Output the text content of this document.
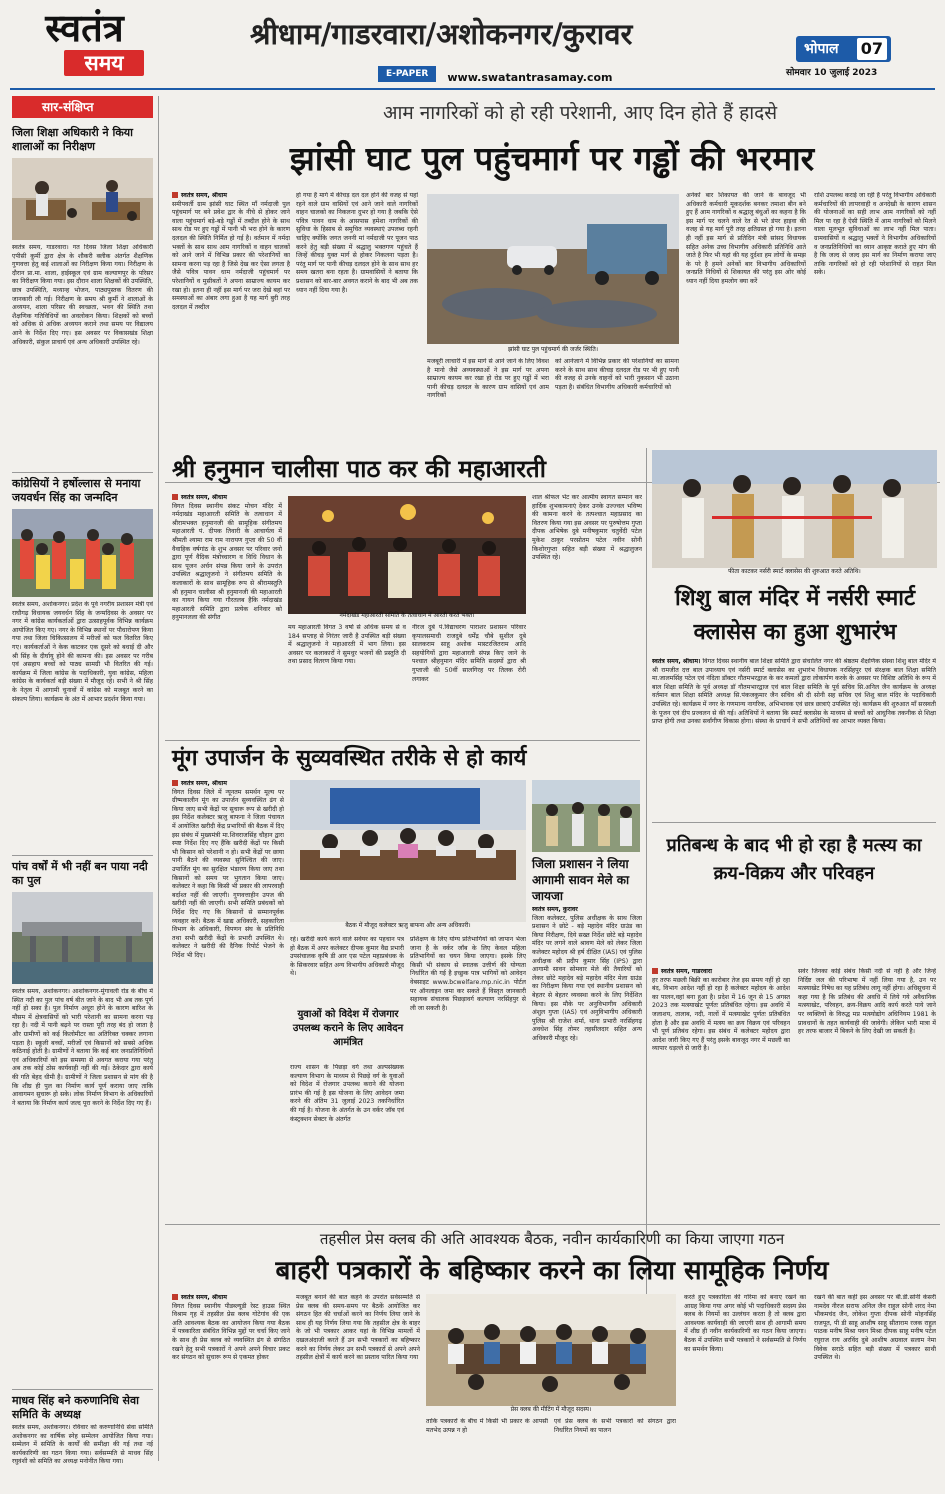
स्वतंत्र
समय
श्रीधाम/गाडरवारा/अशोकनगर/कुरावर
E-PAPER www.swatantrasamay.com
भोपाल 07
सोमवार 10 जुलाई 2023
सार-संक्षिप्त
जिला शिक्षा अधिकारी ने किया शालाओं का निरीक्षण
स्वतंत्र समय, गाडरवारा। गत दिवस जिला शिक्षा अधिकारी एपीसी कुर्मी द्वारा क्षेत्र के शौकरी क्लीक अंतर्गत शैक्षणिक गुणवत्ता हेतु कई शालाओं का निरीक्षण किया गया। निरीक्षण के दौरान प्रा.मा. शाला, हाईस्कूल एवं ग्राम कल्याणपुर के परिसर का निरीक्षण किया गया। इस दौरान शाला शिक्षकों की उपस्थिति, छात्र उपस्थिति, मध्यान्ह भोजन, पाठ्यपुस्तक वितरण की जानकारी ली गई। निरीक्षण के समय श्री कुर्मी ने शालाओं के अध्ययन, शाला परिसर की स्वच्छता, भवन की स्थिति तथा शैक्षणिक गतिविधियों का अवलोकन किया। शिक्षकों को बच्चों को अधिक से अधिक अध्ययन कराने तथा समय पर विद्यालय आने के निर्देश दिए गए। इस अवसर पर विकासखंड शिक्षा अधिकारी, संकुल प्राचार्य एवं अन्य अधिकारी उपस्थित रहे।
कांग्रेसियों ने हर्षोल्लास से मनाया जयवर्धन सिंह का जन्मदिन
स्वतंत्र समय, अशोकनगर। प्रदेश के पूर्व नगरीय प्रशासन मंत्री एवं राघौगढ़ विधायक जयवर्धन सिंह के जन्मदिवस के अवसर पर नगर में कांग्रेस कार्यकर्ताओं द्वारा उत्साहपूर्वक विभिन्न कार्यक्रम आयोजित किए गए। नगर के विभिन्न स्थानों पर पौधारोपण किया गया तथा जिला चिकित्सालय में मरीजों को फल वितरित किए गए। कार्यकर्ताओं ने केक काटकर एक दूसरे को बधाई दी और श्री सिंह के दीर्घायु होने की कामना की। इस अवसर पर गरीब एवं असहाय बच्चों को पाठ्य सामग्री भी वितरित की गई। कार्यक्रम में जिला कांग्रेस के पदाधिकारी, युवा कांग्रेस, महिला कांग्रेस के कार्यकर्ता बड़ी संख्या में मौजूद रहे। सभी ने श्री सिंह के नेतृत्व में आगामी चुनावों में कांग्रेस को मजबूत करने का संकल्प लिया। कार्यक्रम के अंत में आभार प्रदर्शन किया गया।
पांच वर्षों में भी नहीं बन पाया नदी का पुल
स्वतंत्र समय, अशोकनगर। आशोकनगर-मुंगावली रोड के बीच में स्थित नदी का पुल पांच वर्ष बीत जाने के बाद भी अब तक पूर्ण नहीं हो सका है। पुल निर्माण अधूरा होने के कारण बारिश के मौसम में क्षेत्रवासियों को भारी परेशानी का सामना करना पड़ रहा है। नदी में पानी बढ़ने पर रास्ता पूरी तरह बंद हो जाता है और ग्रामीणों को कई किलोमीटर का अतिरिक्त चक्कर लगाना पड़ता है। स्कूली बच्चों, मरीजों एवं किसानों को सबसे अधिक कठिनाई होती है। ग्रामीणों ने बताया कि कई बार जनप्रतिनिधियों एवं अधिकारियों को इस समस्या से अवगत कराया गया परंतु अब तक कोई ठोस कार्यवाही नहीं की गई। ठेकेदार द्वारा कार्य की गति बेहद धीमी है। ग्रामीणों ने जिला प्रशासन से मांग की है कि शीघ्र ही पुल का निर्माण कार्य पूर्ण कराया जाए ताकि आवागमन सुचारू हो सके। लोक निर्माण विभाग के अधिकारियों ने बताया कि निर्माण कार्य जल्द पूरा करने के निर्देश दिए गए हैं।
माधव सिंह बने करुणानिधि सेवा समिति के अध्यक्ष
स्वतंत्र समय, अशोकनगर। रविवार को करुणानिधि सेवा समिति अशोकनगर का वार्षिक स्नेह सम्मेलन आयोजित किया गया। सम्मेलन में समिति के कार्यों की समीक्षा की गई तथा नई कार्यकारिणी का गठन किया गया। सर्वसम्मति से माधव सिंह रघुवंशी को समिति का अध्यक्ष मनोनीत किया गया।
आम नागरिकों को हो रही परेशानी, आए दिन होते हैं हादसे
झांसी घाट पुल पहुंचमार्ग पर गड्ढों की भरमार
स्वतंत्र समय, श्रीधाम
समीपवर्ती ग्राम झांसी घाट स्थित माँ नर्मदाजी पुल पहुंचमार्ग पर बने प्रवेश द्वार के नीचे से होकर जाने वाला पहुंचमार्ग बड़े-बड़े गड्ढों में तब्दील होने के साथ साथ रोड पर हुए गड्ढों में पानी भी भरा होने के कारण दलदल की स्थिति निर्मित हो गई है। वर्तमान में नर्मदा भक्तों के साथ साथ आम नागरिकों व वाहन चालकों को आने जाने में विभिन्न प्रकार की परेशानियों का सामना करना पड़ रहा है जिसे देख कर ऐसा लगता है जैसे पवित्र पावन धाम नर्मदाजी पहुंचमार्ग पर परेशानियों व मुसीबतों ने अपना साम्राज्य कायम कर रखा हो। इतना ही नहीं इस मार्ग पर जरा देखे बहां पर समस्याओं का अंबार लगा हुआ है यह मार्ग बुरी तरह दलदल में तब्दील
हो गया है मार्ग में कीचड़ दल दल होने की वजह से यहां रहने वाले ग्राम वासियों एवं आने जाने वाले नागरिकों वाहन चालको का निकलना दुभर हो गया है जबकि ऐसे पवित्र पावन धाम के आसपास हमेशा नागरिकों की सुविधा के हिसाब से समुचित व्यवस्थाएं उपलब्ध रहनी चाहिए क्योंकि जगत जननी मां नर्मदाजी पर पूजन पाठ करने हेतु बड़ी संख्या में श्रद्धालु भक्तगण पहुंचते हैं जिन्हें कीचड़ युक्त मार्ग से होकर निकलना पड़ता है। परंतु मार्ग पर पानी कीचड़ दलदल होने के साथ साथ हर समय खतरा बना रहता है। ग्रामवासियों ने बताया कि प्रशासन को बार-बार अवगत कराने के बाद भी अब तक ध्यान नहीं दिया गया है।
झांसी घाट पुल पहुंचमार्ग की जर्जर स्थिति।
मजबूरी लाचारी में इस मार्ग से आने जाने के लिए विवश है मानो जैसे अव्यवस्थाओं ने इस मार्ग पर अपना साम्राज्य कायम कर रखा हो रोड पर हुए गड्ढों में भरा पानी कीचड़ दलदल के कारण ग्राम वासियों एवं आम नागरिकों
को आनेजाने में विभिन्न प्रकार की परेशानियों का सामना करने के साथ साथ कीचड़ दलदल रोड पर भी हुए पानी की वजह से उनके वाहनों को भारी नुकसान भी उठाना पड़ता है। संबंधित विभागीय अधिकारी कर्मचारियों को
अनेकों बार शिकायत की जाने के बावजूद भी अधिकारी कर्मचारी मूकदर्शक बनकर तमाशा बीन बने हुए हैं आम नागरिकों व श्रद्धालु बंधुओं का कहना है कि इस मार्ग पर चलने वाले रेत से भरे डंपर हाइवा की वजह से यह मार्ग पूरी तरह क्षतिग्रस्त हो गया है। इतना ही नहीं इस मार्ग से प्रतिदिन मंत्री सांसद विधायक सहित अनेक उच्च विभागीय अधिकारी प्रतिनिधि आते जाते है फिर भी यहां की यह दुर्दशा हम लोगों के समझ के परे है हमने अनेकों बार विभागीय अधिकारियों जनप्रति निधियों से शिकायत की परंतु इस ओर कोई ध्यान नहीं दिया हमलोग क्या करें
राशि उपलब्ध कराई जा रही है परंतु विभागीय अधिकारी कर्मचारियों की लापरवाही व अनदेखी के कारण शासन की योजनाओं का सही लाभ आम नागरिकों को नहीं मिल पा रहा है ऐसी स्थिति में आम नागरिकों को मिलने वाला मूलभूत सुविधाओं का लाभ नहीं मिल पाता। ग्रामवासियों व श्रद्धालु भक्तों ने विभागीय अधिकारियों व जनप्रतिनिधियों का ध्यान आकृष्ट कराते हुए मांग की है कि जल्द से जल्द इस मार्ग का निर्माण कराया जाए ताकि नागरिकों को हो रही परेशानियों से राहत मिल सके।
श्री हनुमान चालीसा पाठ कर की महाआरती
स्वतंत्र समय, श्रीधाम
विगत दिवस स्थानीय संकट मोचन मंदिर में नर्मदाखंड महाआरती समिति के तत्वाधान में श्रीरामभक्त हनुमानजी की सामूहिक संगीतमय महाआरती पं. दीपक तिवारी के आचार्यत्व में श्रीमती श्यामा राम राम नारायण गुप्ता की 50 वीं वैवाहिक वर्षगांठ के शुभ अवसर पर परिवार जनो द्वारा पूर्ण वैदिक मंत्रोच्चारण व विधि विधान के साथ पूजन अर्चन संपन्न किया जाने के उपरांत उपस्थित श्रद्धालुजनो ने संगीतमय समिति के कलाकारों के साथ सामूहिक रूप से श्रीरामस्तुति श्री हनुमान चालीसा श्री हनुमानजी की महाआरती का गायन किया गया गौरतलब हैकि नर्मदाखंड महाआरती समिति द्वारा प्रत्येक शनिवार को हनुमानलला की संगीत	नर्मदाखंड महाआरती समिति के तत्वाधान में आरती करते भक्त।
मय महाआरती विगत 3 वर्षो से अधिक समय से व 184 सप्ताह से निरंतर जारी है उपस्थित बड़ी संख्या में श्रद्धालुजनो ने महाआरती में भाग लिया। इस अवसर पर कलाकारों ने सुमधुर भजनों की प्रस्तुति दी तथा प्रसाद वितरण किया गया।
नीरज दुबे पं.विद्याचरण पाराशर प्रशासन परिवार कृपालसमाधी राजदुबे धर्मेंद्र चौबे सुशील दुबे सालकराम साहू अशोक मास्टरजितराम आदि सहयोगियों द्वारा महाआरती संपन्न किए जाने के पश्चात श्रीहनुमान मंदिर समिति सदस्यों द्वारा श्री गुप्ताजी की 50वीं सालगिरह पर तिलक रोरी लगाकर
शाल श्रीफल भेंट कर आत्मीय स्वागत सम्मान कर हार्दिक शुभकामनाएं देकर उनके उज्ज्वल भविष्य की कामना करने के तत्पश्चात महाप्रसाद का वितरण किया गया इस अवसर पर पुरुषोत्तम गुप्ता दीपक अभिषेक दुबे मनीषकुमार चतुर्वेदी पटेल मुकेश ठाकुर परसोतम पटेल नवीन सोनी किशोरगुप्ता सहित बड़ी संख्या में श्रद्धालुजन उपस्थित रहे।
फीता काटकर नर्सरी स्मार्ट क्लासेस की शुरुआत करते अतिथि।
शिशु बाल मंदिर में नर्सरी स्मार्ट क्लासेस का हुआ शुभारंभ
स्वतंत्र समय, श्रीधाम। विगत दिवस स्थानीय बाल शिक्षा समिति द्वारा संचालित नगर की श्रेष्ठतम शैक्षणिक संस्था शिशु बाल मंदिर में श्री रामजीत दत्त बाल उपाध्याय एवं नर्सरी स्मार्ट क्लासेस का शुभारंभ विधायक नरसिंहपुर एवं संरक्षक बाल शिक्षा समिति मा.जालमसिंह पटेल एवं नंदिता डॉक्टर गौतमभरद्वाज के कर कमलों द्वारा लोकार्पण करके के अवसर पर विशिष्ट अतिथि के रूप में बाल शिक्षा समिति के पूर्व अध्यक्ष डॉ गौतमभारद्वाज एवं बाल शिक्षा समिति के पूर्व सचिव सि.अनिल जैन कार्यक्रम के अध्यक्ष वर्तमान बाल शिक्षा समिति अध्यक्ष सि.पंकजकुमार जैन सचिव श्री दी सोनी सह सचिव एवं शिशु बाल मंदिर के पदाधिकारी उपस्थित रहे। कार्यक्रम में नगर के गणमान्य नागरिक, अभिभावक एवं छात्र छात्राएं उपस्थित रहे। कार्यक्रम की शुरुआत माँ सरस्वती के पूजन एवं दीप प्रज्वलन से की गई। अतिथियों ने बताया कि स्मार्ट क्लासेस के माध्यम से बच्चों को आधुनिक तकनीक से शिक्षा प्राप्त होगी तथा उनका सर्वांगीण विकास होगा। संस्था के प्राचार्य ने सभी अतिथियों का आभार व्यक्त किया।
मूंग उपार्जन के सुव्यवस्थित तरीके से हो कार्य
स्वतंत्र समय, श्रीधाम
विगत दिवस जिले में न्यूनतम समर्थन मूल्य पर ग्रीष्मकालीन मूंग का उपार्जन सुव्यवस्थित ढंग से किया जाए सभी केंद्रों पर सुचारू रूप से खरीदी हो इस निर्देश कलेक्टर ऋजु बाफना ने जिला पंचायत में आयोजित खरीदी केंद्र प्रभारियों की बैठक में दिए इस संबंध में मुख्यमंत्री मा.शिवराजसिंह चौहान द्वारा स्पष्ट निर्देश दिए गए हैंकि खरीदी केंद्रों पर किसी भी किसान को परेशानी न हो। सभी केंद्रों पर छाया पानी बैठने की व्यवस्था सुनिश्चित की जाए। उपार्जित मूंग का सुरक्षित भंडारण किया जाए तथा किसानों को समय पर भुगतान किया जाए। कलेक्टर ने कहा कि किसी भी प्रकार की लापरवाही बर्दाश्त नहीं की जाएगी। गुणवत्ताहीन उपज की खरीदी नहीं की जाएगी। सभी समिति प्रबंधकों को निर्देश दिए गए कि किसानों से सम्मानपूर्वक व्यवहार करें। बैठक में खाद्य अधिकारी, सहकारिता विभाग के अधिकारी, विपणन संघ के प्रतिनिधि तथा सभी खरीदी केंद्रों के प्रभारी उपस्थित थे। कलेक्टर ने खरीदी की दैनिक रिपोर्ट भेजने के निर्देश भी दिए।
बैठक में मौजूद कलेक्टर ऋजु बाफना और अन्य अधिकारी।
रहे। खरीदी कार्य करने वाले सर्वेयर का पहचान पत्र हो बैठक में अपर कलेक्टर दीपक कुमार वैद्य प्रभारी उपसंचालक कृषि डी आर एस पटेल महाप्रबंधक के के सिकरवार सहित अन्य विभागीय अधिकारी मौजूद थे।
युवाओं को विदेश में रोजगार उपलब्ध कराने के लिए आवेदन आमंत्रित
राज्य शासन के पिछड़ा वर्ग तथा अल्पसंख्यक कल्याण विभाग के माध्यम से पिछड़े वर्ग के युवाओं को विदेश में रोजगार उपलब्ध कराने की योजना प्रारंभ की गई है इस योजना के लिए आवेदन जमा करने की अंतिम 31 जुलाई 2023 तकनिर्धारित की गई है। योजना के अंतर्गत के उन वर्कर जॉब एवं कंस्ट्रक्शन सेक्टर के अंतर्गत
प्रशिक्षण के लिए योग्य प्रतिभागियों को जापान भेजा जाना है के वर्कर जॉब के लिए केवल महिला प्रतिभागियों का चयन किया जाएगा। इसके लिए किसी भी संकाय से स्नातक उत्तीर्ण की योग्यता निर्धारित की गई है इच्छुक पात्र भागियों को आवेदन वेबसाइट www.bcwelfare.mp.nic.in पोर्टल पर ऑनलाइन जमा कर सकते हैं विस्तृत जानकारी सहायक संचालक पिछड़ावर्ग कल्याण नरसिंहपुर से ली जा सकती है।
जिला प्रशासन ने लिया आगामी सावन मेले का जायजा
स्वतंत्र समय, कुरावर
जिला कलेक्टर, पुलिस अधीक्षक के साथ जिला प्रशासन ने छोटे - बड़े महादेव मंदिर ग्राउंड का किया निरीक्षण, दिये सख्त निर्देश छोटे बड़े महादेव मंदिर पर लगने वाले श्रावण मेले को लेकर जिला कलेक्टर महोदय श्री हर्ष दीक्षित (IAS) एवं पुलिस अधीक्षक श्री प्रदीप कुमार सिंह (IPS) द्वारा आगामी सावन सोमवार मेले की तैयारियों को लेकर छोटे महादेव बड़े महादेव मंदिर मेला ग्राउंड का निरीक्षण किया गया एवं स्थानीय प्रशासन को बेहतर से बेहतर व्यवस्था करने के लिए निर्देशित किया। इस मौके पर अनुविभागीय अधिकारी अंशुल गुप्ता (IAS) एवं अनुविभागीय अधिकारी पुलिस श्री राजेश शर्मा, थाना प्रभारी नरसिंहगढ़ अवधेश सिंह तोमर तहसीलदार सहित अन्य अधिकारी मौजूद रहे।
प्रतिबन्ध के बाद भी हो रहा है मत्स्य का क्रय-विक्रय और परिवहन
स्वतंत्र समय, गाडरवारा
हर तरफ मछली बिक्री का कारोबार तेज इस समय नहीं हो रहा बंद, विभाग आदेश नहीं हो रहा है कलेक्टर महोदय के आदेश का पालन,वहां बना हुआ है। प्रदेश में 16 जून से 15 अगस्त 2023 तक मत्स्याखेट पूर्णतः प्रतिबंधित रहेगा। इस अवधि में जलाशय, तालाब, नदी, नालों में मत्स्याखेट पूर्णतः प्रतिबंधित होता है और इस अवधि में मत्स्य का क्रय विक्रय एवं परिवहन भी पूर्ण प्रतिबंध रहेगा। इस संबंध में कलेक्टर महोदय द्वारा आदेश जारी किए गए हैं परंतु इसके बावजूद नगर में मछली का व्यापार धड़ल्ले से जारी है।
सवेर जिनका कोई संबंध किसी नदी से नहीं है और जिन्हें निर्दिष्ट जल की परिभाषा में नहीं लिया गया है, उन पर मत्स्याखेट निषेध का यह प्रतिबंध लागू नहीं होगा। अधिसूचना में कहा गया है कि प्रतिबंध की अवधि में लिये गये अवैधानिक मत्स्याखेट, परिवहन, क्रय-विक्रय आदि कार्य करते पाये जाने पर व्यक्तियों के विरुद्ध मप्र मत्स्योद्योग अधिनियम 1981 के प्रावधानों के तहत कार्यवाही की जावेगी। लेकिन भारी मात्रा में हर तरफ बाजार में बिकने के लिए देखी जा सकती है।
तहसील प्रेस क्लब की अति आवश्यक बैठक, नवीन कार्यकारिणी का किया जाएगा गठन
बाहरी पत्रकारों के बहिष्कार करने का लिया सामूहिक निर्णय
स्वतंत्र समय, श्रीधाम
विगत दिवस स्थानीय पीडब्ल्यूडी रेस्ट हाउस स्थित विश्राम गृह में तहसील प्रेस क्लब गोटेगांव की एक अति आवश्यक बैठक का आयोजन किया गया बैठक में पत्रकारिता संबंधित विभिन्न मुद्दों पर चर्चा किए जाने के साथ ही प्रेस क्लब को व्यवस्थित ढंग से संगठित रखने हेतु सभी पत्रकारों ने अपने अपने विचार प्रकट कर संगठन को सुचारू रूप से एकमत होकर
मजबूत बनाने की बात कहने के उपरांत सर्वसम्मति से प्रेस क्लब की समय-समय पर बैठकें आयोजित कर संगठन हित की चर्चाओं करने का निर्णय लिया जाने के साथ ही यह निर्णय लिया गया कि तहसील क्षेत्र के बाहर के जो भी पत्रकार आकर यहां के विभिन्न मामलों में दखलअंदाजी करते हैं उन सभी पत्रकारों का बहिष्कार करने का निर्णय लेकर उन सभी पत्रकारों से अपने अपने तहसील क्षेत्रों में कार्य करने का प्रस्ताव पारित किया गया
प्रेस क्लब की मीटिंग में मौजूद सदस्य।
ताकि पत्रकारों के बीच में किसी भी प्रकार के आपसी मतभेद उत्पन्न न हो
एवं प्रेस क्लब के सभी पत्रकारों को संगठन द्वारा निर्धारित नियमों का पालन
करते हुए पत्रकारिता की गरिमा को बनाए रखने का आग्रह किया गया अगर कोई भी पदाधिकारी सदस्य प्रेस क्लब के नियमों का उल्लंघन करता है तो क्लब द्वारा आवश्यक कार्यवाही की जाएगी साथ ही आगामी समय में शीघ्र ही नवीन कार्यकारिणी का गठन किया जाएगा। बैठक में उपस्थित सभी पत्रकारों ने सर्वसम्मति से निर्णय का समर्थन किया।
रखने की बात कहीं इस अवसर पर बी.डी.सोनी केसरी नामदेव नीरज सराफ अनिल जैन राहुल सोनी शरद नेमा भीकमचंद जैन, लोकेश गुप्ता दीपक सोनी मोहनसिंह राजपूत, पी डी साहू आशीष साहू सीताराम रजक राहुल पाठक मनीष मिश्रा पवन मिश्रा दीपक साहू मनीष पटेल रघुराज राय अरविंद दुबे आशीष अग्रवाल सलाम नेमा विवेक सराठे सहित बड़ी संख्या में पत्रकार साथी उपस्थित थे।
